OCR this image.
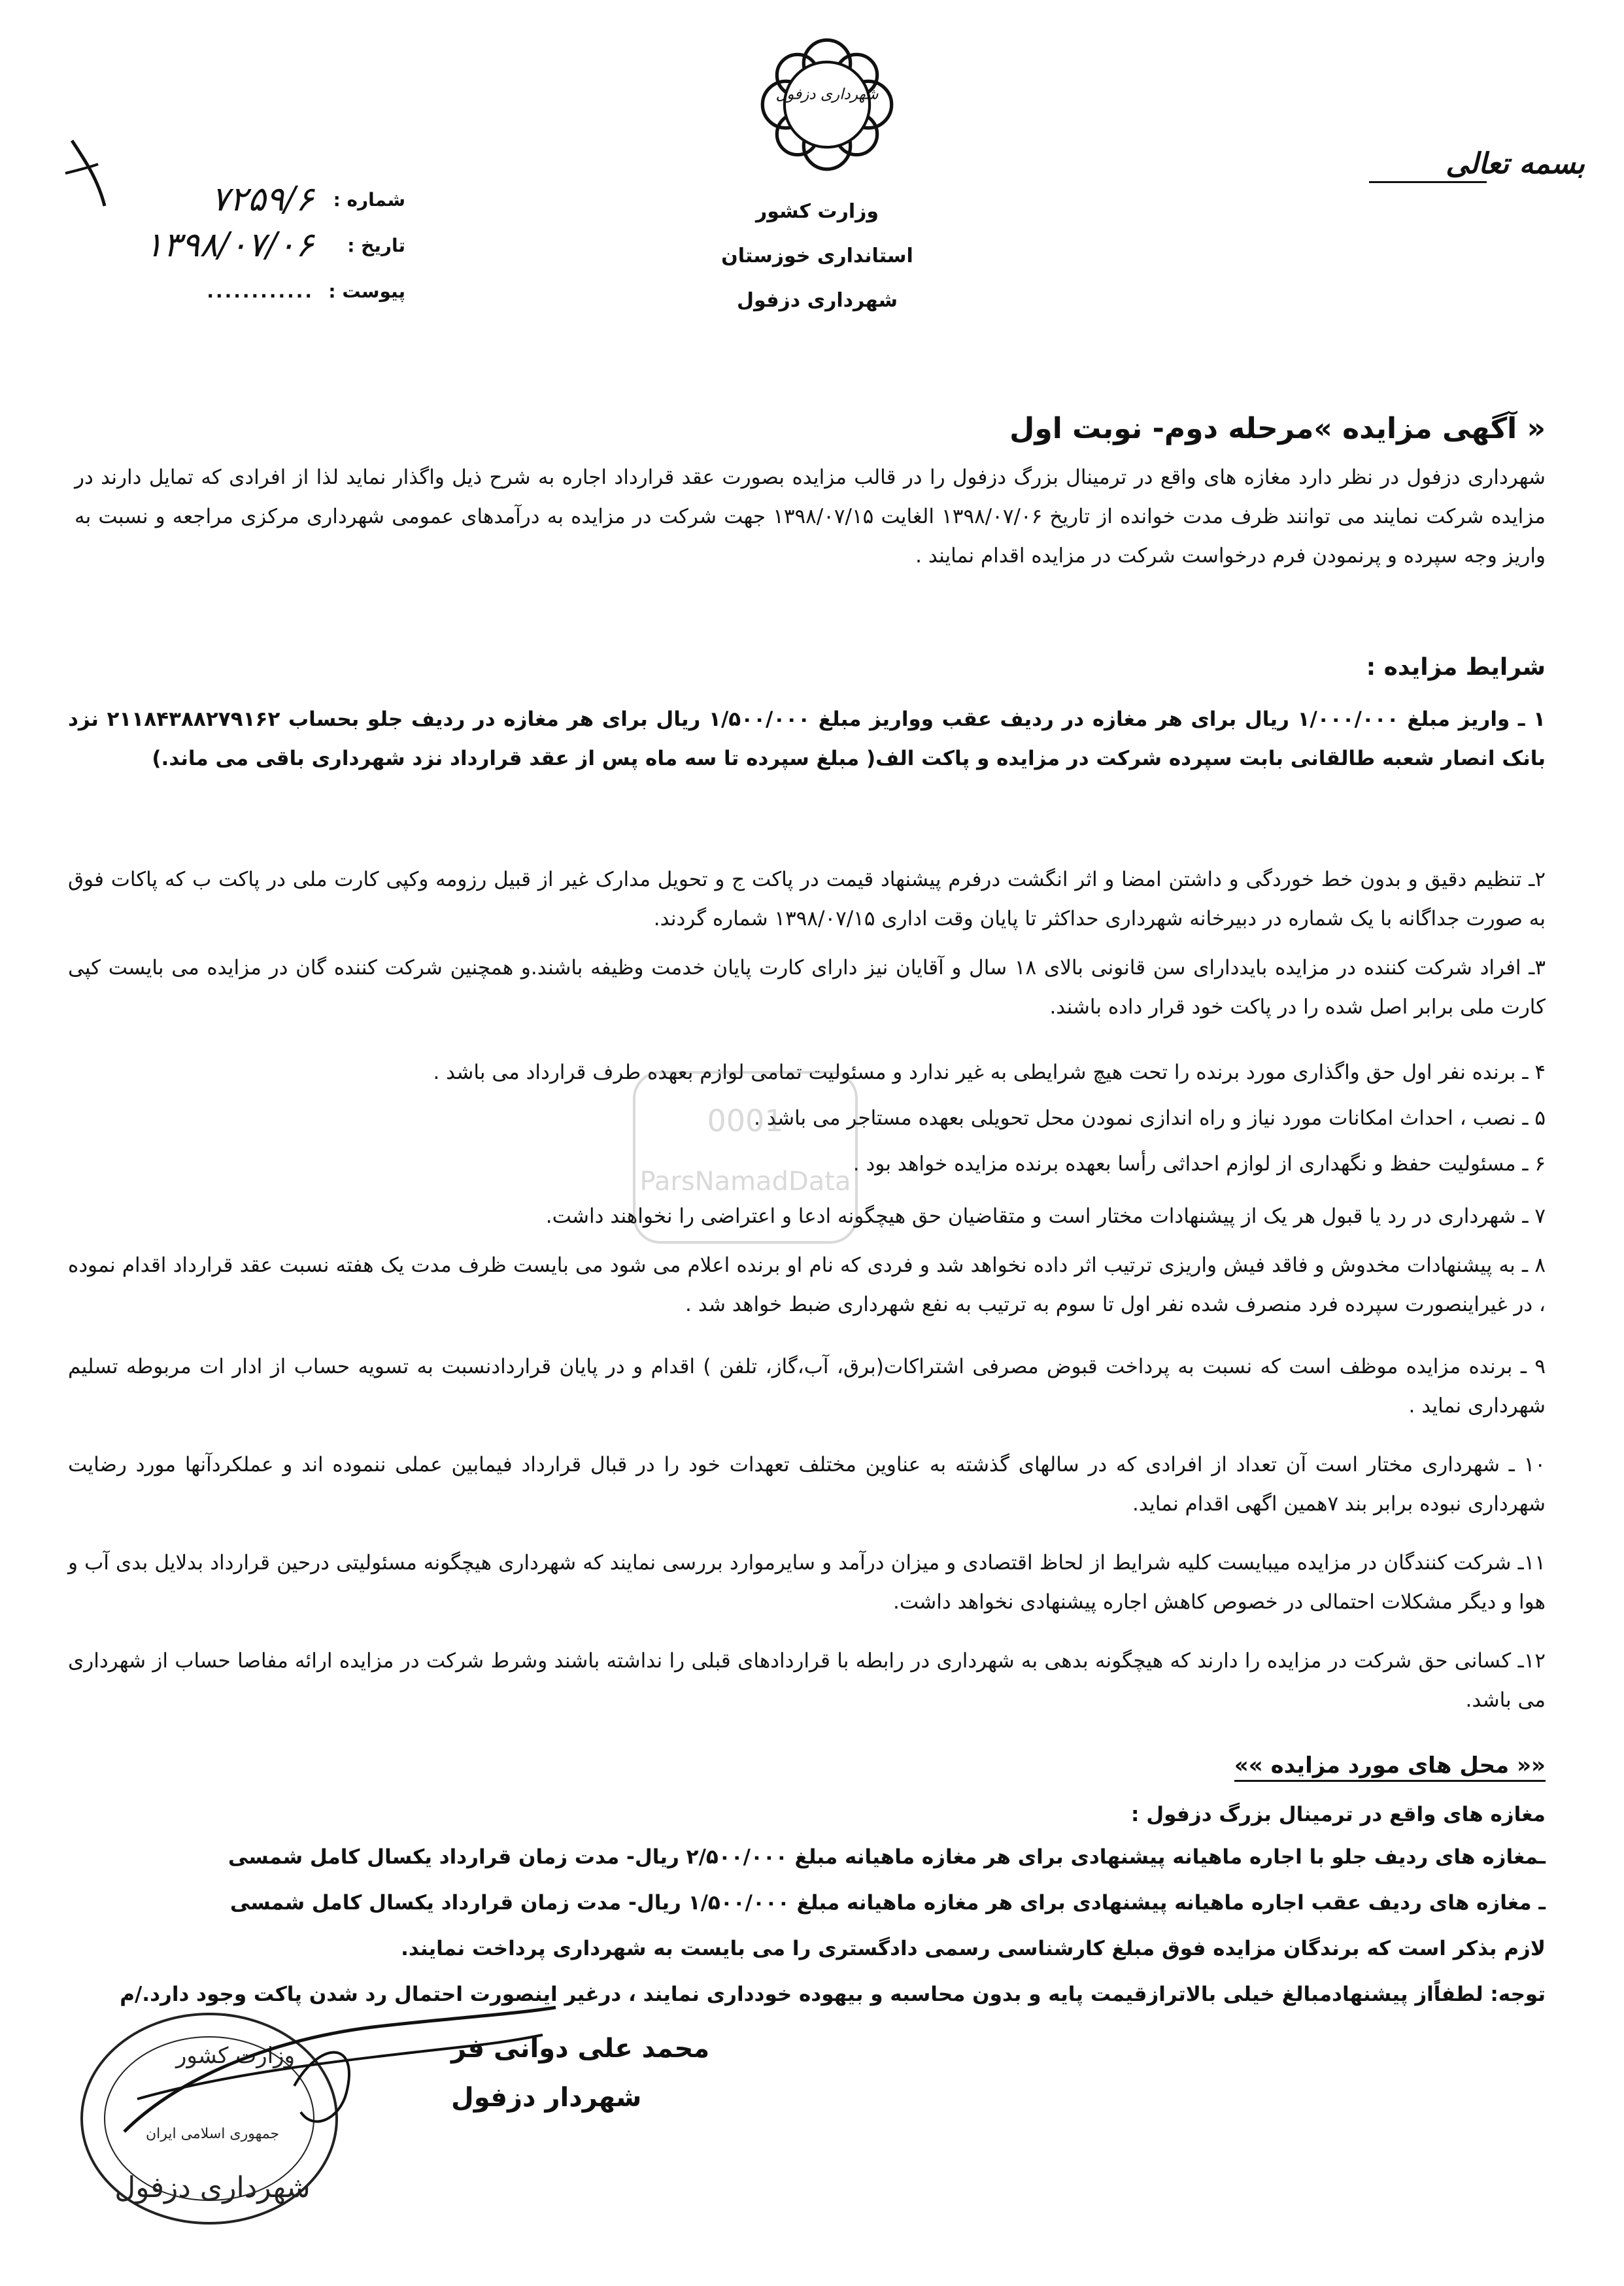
شهرداری دزفول
وزارت کشور
استانداری خوزستان
شهرداری دزفول
بسمه تعالی
شماره :
۷۲۵۹/۶
تاریخ :
۱۳۹۸/۰۷/۰۶
پیوست :
............
« آگهی مزایده »مرحله دوم- نوبت اول
شهرداری دزفول در نظر دارد مغازه های واقع در ترمینال بزرگ دزفول را در قالب مزایده بصورت عقد قرارداد اجاره به شرح ذیل واگذار نماید لذا از افرادی که تمایل دارند در مزایده شرکت نمایند می توانند ظرف مدت خوانده از تاریخ ۱۳۹۸/۰۷/۰۶ الغایت ۱۳۹۸/۰۷/۱۵ جهت شرکت در مزایده به درآمدهای عمومی شهرداری مرکزی مراجعه و نسبت به واریز وجه سپرده و پرنمودن فرم درخواست شرکت در مزایده اقدام نمایند .
شرایط مزایده :
۱ ـ واریز مبلغ ۱/۰۰۰/۰۰۰ ریال برای هر مغازه در ردیف عقب وواریز مبلغ ۱/۵۰۰/۰۰۰ ریال برای هر مغازه در ردیف جلو بحساب ۲۱۱۸۴۳۸۸۲۷۹۱۶۲ نزد بانک انصار شعبه طالقانی بابت سپرده شرکت در مزایده و پاکت الف( مبلغ سپرده تا سه ماه پس از عقد قرارداد نزد شهرداری باقی می ماند.)
۲ـ تنظیم دقیق و بدون خط خوردگی و داشتن امضا و اثر انگشت درفرم پیشنهاد قیمت در پاکت ج و تحویل مدارک غیر از قبیل رزومه وکپی کارت ملی در پاکت ب که پاکات فوق به صورت جداگانه با یک شماره در دبیرخانه شهرداری حداکثر تا پایان وقت اداری ۱۳۹۸/۰۷/۱۵ شماره گردند.
۳ـ افراد شرکت کننده در مزایده بایددارای سن قانونی بالای ۱۸ سال و آقایان نیز دارای کارت پایان خدمت وظیفه باشند.و همچنین شرکت کننده گان در مزایده می بایست کپی کارت ملی برابر اصل شده را در پاکت خود قرار داده باشند.
۴ ـ برنده نفر اول حق واگذاری مورد برنده را تحت هیچ شرایطی به غیر ندارد و مسئولیت تمامی لوازم بعهده طرف قرارداد می باشد .
۵ ـ نصب ، احداث امکانات مورد نیاز و راه اندازی نمودن محل تحویلی بعهده مستاجر می باشد .
۶ ـ مسئولیت حفظ و نگهداری از لوازم احداثی رأسا بعهده برنده مزایده خواهد بود .
۷ ـ شهرداری در رد یا قبول هر یک از پیشنهادات مختار است و متقاضیان حق هیچگونه ادعا و اعتراضی را نخواهند داشت.
۸ ـ به پیشنهادات مخدوش و فاقد فیش واریزی ترتیب اثر داده نخواهد شد و فردی که نام او برنده اعلام می شود می بایست ظرف مدت یک هفته نسبت عقد قرارداد اقدام نموده ، در غیراینصورت سپرده فرد منصرف شده نفر اول تا سوم به ترتیب به نفع شهرداری ضبط خواهد شد .
۹ ـ برنده مزایده موظف است که نسبت به پرداخت قبوض مصرفی اشتراکات(برق، آب،گاز، تلفن ) اقدام و در پایان قراردادنسبت به تسویه حساب از ادار ات مربوطه تسلیم شهرداری نماید .
۱۰ ـ شهرداری مختار است آن تعداد از افرادی که در سالهای گذشته به عناوین مختلف تعهدات خود را در قبال قرارداد فیمابین عملی ننموده اند و عملکردآنها مورد رضایت شهرداری نبوده برابر بند ۷همین اگهی اقدام نماید.
۱۱ـ شرکت کنندگان در مزایده میبایست کلیه شرایط از لحاظ اقتصادی و میزان درآمد و سایرموارد بررسی نمایند که شهرداری هیچگونه مسئولیتی درحین قرارداد بدلایل بدی آب و هوا و دیگر مشکلات احتمالی در خصوص کاهش اجاره پیشنهادی نخواهد داشت.
۱۲ـ کسانی حق شرکت در مزایده را دارند که هیچگونه بدهی به شهرداری در رابطه با قراردادهای قبلی را نداشته باشند وشرط شرکت در مزایده ارائه مفاصا حساب از شهرداری می باشد.
«« محل های مورد مزایده »»
مغازه های واقع در ترمینال بزرگ دزفول :
ـمغازه های ردیف جلو با اجاره ماهیانه پیشنهادی برای هر مغازه ماهیانه مبلغ ۲/۵۰۰/۰۰۰ ریال- مدت زمان قرارداد یکسال کامل شمسی
ـ مغازه های ردیف عقب اجاره ماهیانه پیشنهادی برای هر مغازه ماهیانه مبلغ ۱/۵۰۰/۰۰۰ ریال- مدت زمان قرارداد یکسال کامل شمسی
لازم بذکر است که برندگان مزایده فوق مبلغ کارشناسی رسمی دادگستری را می بایست به شهرداری پرداخت نمایند.
توجه: لطفاًاز پیشنهادمبالغ خیلی بالاترازقیمت پایه و بدون محاسبه و بیهوده خودداری نمایند ، درغیر اینصورت احتمال رد شدن پاکت وجود دارد./م
0001
ParsNamadData
محمد علی دوانی فر
شهردار دزفول
وزارت کشور
جمهوری اسلامی ایران
شهرداری دزفول
